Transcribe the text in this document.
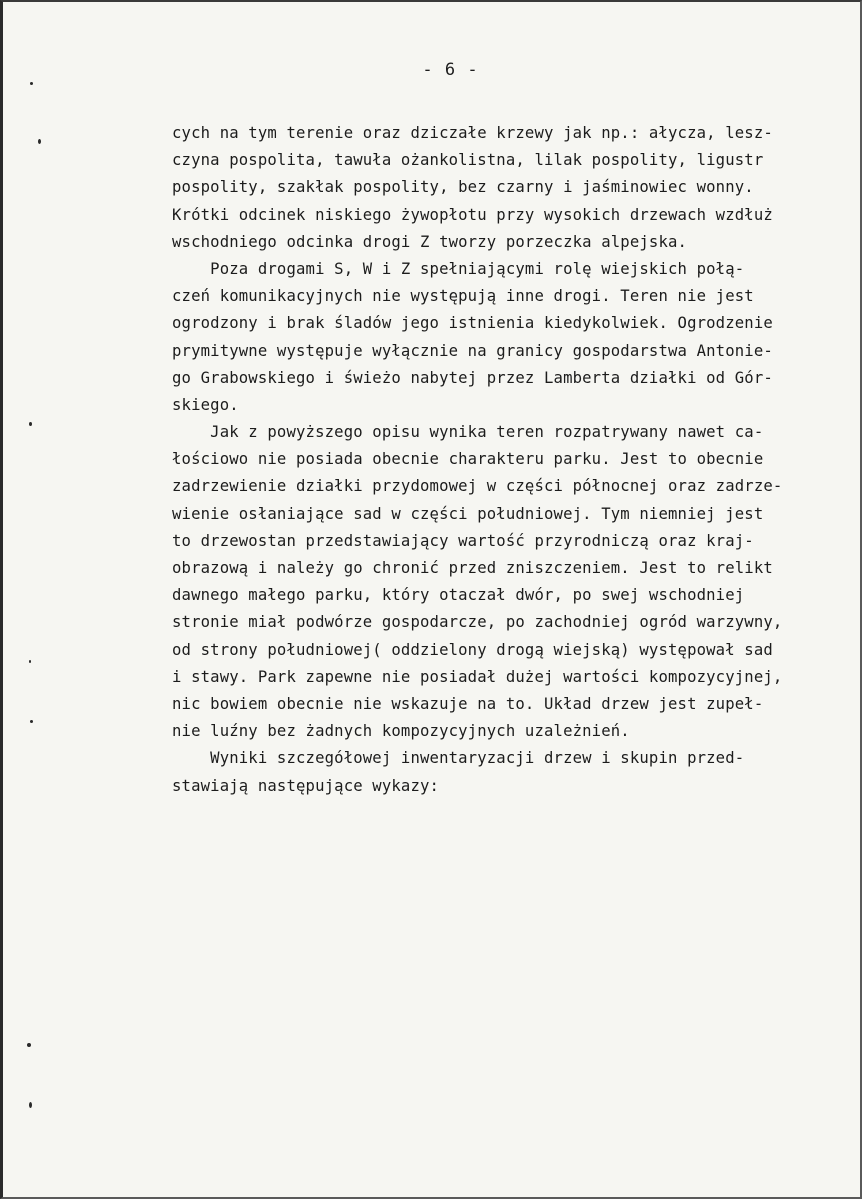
- 6 -
cych na tym terenie oraz dziczałe krzewy jak np.: ałycza, lesz-
czyna pospolita, tawuła ożankolistna, lilak pospolity, ligustr
pospolity, szakłak pospolity, bez czarny i jaśminowiec wonny.
Krótki odcinek niskiego żywopłotu przy wysokich drzewach wzdłuż
wschodniego odcinka drogi Z tworzy porzeczka alpejska.
Poza drogami S, W i Z spełniającymi rolę wiejskich połą-
czeń komunikacyjnych nie występują inne drogi. Teren nie jest
ogrodzony i brak śladów jego istnienia kiedykolwiek. Ogrodzenie
prymitywne występuje wyłącznie na granicy gospodarstwa Antonie-
go Grabowskiego i świeżo nabytej przez Lamberta działki od Gór-
skiego.
Jak z powyższego opisu wynika teren rozpatrywany nawet ca-
łościowo nie posiada obecnie charakteru parku. Jest to obecnie
zadrzewienie działki przydomowej w części północnej oraz zadrze-
wienie osłaniające sad w części południowej. Tym niemniej jest
to drzewostan przedstawiający wartość przyrodniczą oraz kraj-
obrazową i należy go chronić przed zniszczeniem. Jest to relikt
dawnego małego parku, który otaczał dwór, po swej wschodniej
stronie miał podwórze gospodarcze, po zachodniej ogród warzywny,
od strony południowej( oddzielony drogą wiejską) występował sad
i stawy. Park zapewne nie posiadał dużej wartości kompozycyjnej,
nic bowiem obecnie nie wskazuje na to. Układ drzew jest zupeł-
nie luźny bez żadnych kompozycyjnych uzależnień.
Wyniki szczegółowej inwentaryzacji drzew i skupin przed-
stawiają następujące wykazy:
